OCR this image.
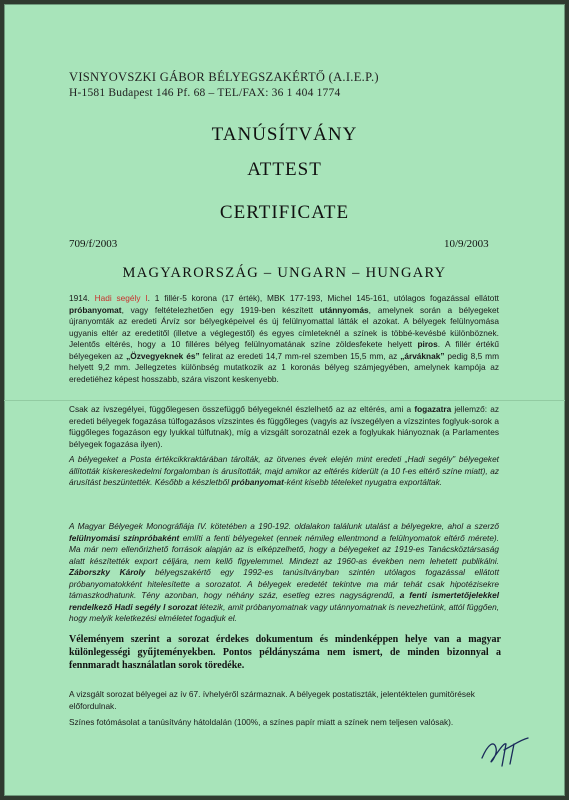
VISNYOVSZKI GÁBOR BÉLYEGSZAKÉRTŐ (A.I.E.P.)
H-1581 Budapest 146 Pf. 68 – TEL/FAX: 36 1 404 1774
TANÚSÍTVÁNY
ATTEST
CERTIFICATE
709/f/2003	10/9/2003
MAGYARORSZÁG – UNGARN – HUNGARY

1914. Hadi segély I. 1 fillér-5 korona (17 érték), MBK 177-193, Michel 145-161, utólagos fogazással ellátott próbanyomat, vagy feltételezhetően egy 1919-ben készített utánnyomás, amelynek során a bélyegeket újranyomták az eredeti Árvíz sor bélyegképeivel és új felülnyomattal látták el azokat. A bélyegek felülnyomása ugyanis eltér az eredetitől (illetve a véglegestől) és egyes címleteknél a színek is többé-kevésbé különböznek. Jelentős eltérés, hogy a 10 filléres bélyeg felülnyomatának színe zöldesfekete helyett piros. A fillér értékű bélyegeken az „Özvegyeknek és” felirat az eredeti 14,7 mm-rel szemben 15,5 mm, az „árváknak” pedig 8,5 mm helyett 9,2 mm. Jellegzetes különbség mutatkozik az 1 koronás bélyeg számjegyében, amelynek kampója az eredetiéhez képest hosszabb, szára viszont keskenyebb.

Csak az ívszegélyei, függőlegesen összefüggő bélyegeknél észlelhető az az eltérés, ami a fogazatra jellemző: az eredeti bélyegek fogazása túlfogazásos vízszintes és függőleges (vagyis az ívszegélyen a vízszintes foglyuk-sorok a függőleges fogazáson egy lyukkal túlfutnak), míg a vizsgált sorozatnál ezek a foglyukak hiányoznak (a Parlamentes bélyegek fogazása ilyen).

A bélyegeket a Posta értékcikkraktárában tárolták, az ötvenes évek elején mint eredeti „Hadi segély” bélyegeket állították kiskereskedelmi forgalomban is árusították, majd amikor az eltérés kiderült (a 10 f-es eltérő színe miatt), az árusítást beszüntették. Később a készletből próbanyomat-ként kisebb tételeket nyugatra exportáltak.

A Magyar Bélyegek Monográfiája IV. kötetében a 190-192. oldalakon találunk utalást a bélyegekre, ahol a szerző felülnyomási színpróbaként említi a fenti bélyegeket (ennek némileg ellentmond a felülnyomatok eltérő mérete). Ma már nem ellenőrizhető források alapján az is elképzelhető, hogy a bélyegeket az 1919-es Tanácsköztársaság alatt készítették export céljára, nem kellő figyelemmel. Mindezt az 1960-as években nem lehetett publikálni. Záborszky Károly bélyegszakértő egy 1992-es tanúsítványban szintén utólagos fogazással ellátott próbanyomatokként hitelesítette a sorozatot. A bélyegek eredetét tekintve ma már tehát csak hipotézisekre támaszkodhatunk. Tény azonban, hogy néhány száz, esetleg ezres nagyságrendű, a fenti ismertetőjelekkel rendelkező Hadi segély I sorozat létezik, amit próbanyomatnak vagy utánnyomatnak is nevezhetünk, attól függően, hogy melyik keletkezési elméletet fogadjuk el.

Véleményem szerint a sorozat érdekes dokumentum és mindenképpen helye van a magyar különlegességi gyűjteményekben. Pontos példányszáma nem ismert, de minden bizonnyal a fennmaradt használatlan sorok töredéke.

A vizsgált sorozat bélyegei az ív 67. ívhelyéről származnak. A bélyegek postatiszták, jelentéktelen gumitörések előfordulnak.

Színes fotómásolat a tanúsítvány hátoldalán (100%, a színes papír miatt a színek nem teljesen valósak).
